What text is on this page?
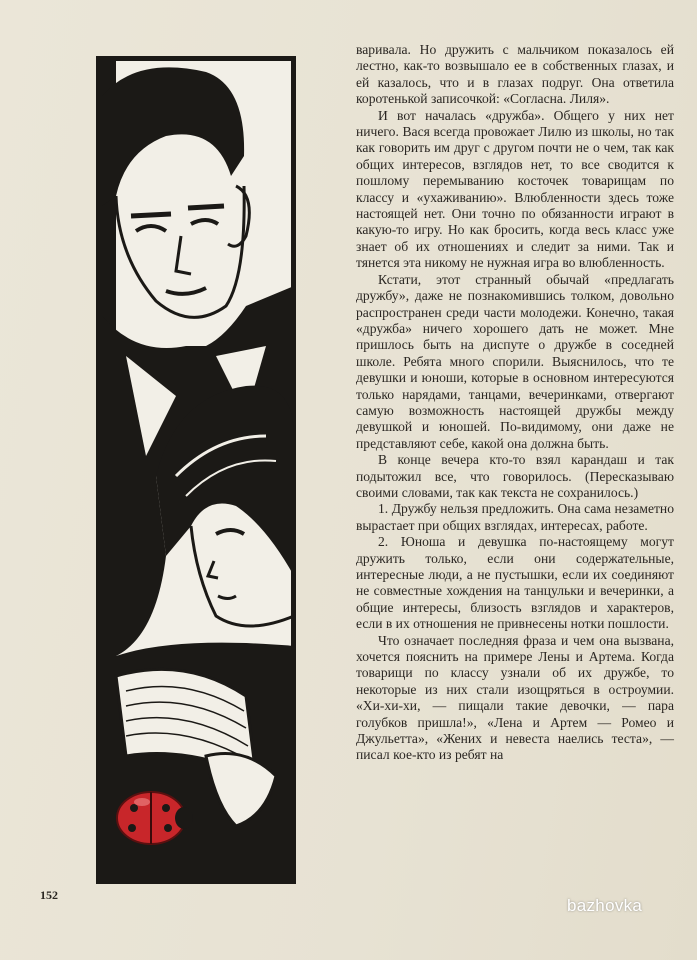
варивала. Но дружить с мальчиком показалось ей лестно, как-то возвышало ее в собственных глазах, и ей казалось, что и в глазах подруг. Она ответила коротенькой записочкой: «Согласна. Лиля».

И вот началась «дружба». Общего у них нет ничего. Вася всегда провожает Лилю из школы, но так как говорить им друг с другом почти не о чем, так как общих интересов, взглядов нет, то все сводится к пошлому перемыванию косточек товарищам по классу и «ухаживанию». Влюбленности здесь тоже настоящей нет. Они точно по обязанности играют в какую-то игру. Но как бросить, когда весь класс уже знает об их отношениях и следит за ними. Так и тянется эта никому не нужная игра во влюбленность.

Кстати, этот странный обычай «предлагать дружбу», даже не познакомившись толком, довольно распространен среди части молодежи. Конечно, такая «дружба» ничего хорошего дать не может. Мне пришлось быть на диспуте о дружбе в соседней школе. Ребята много спорили. Выяснилось, что те девушки и юноши, которые в основном интересуются только нарядами, танцами, вечеринками, отвергают самую возможность настоящей дружбы между девушкой и юношей. По-видимому, они даже не представляют себе, какой она должна быть.

В конце вечера кто-то взял карандаш и так подытожил все, что говорилось. (Пересказываю своими словами, так как текста не сохранилось.)

1. Дружбу нельзя предложить. Она сама незаметно вырастает при общих взглядах, интересах, работе.

2. Юноша и девушка по-настоящему могут дружить только, если они содержательные, интересные люди, а не пустышки, если их соединяют не совместные хождения на танцульки и вечеринки, а общие интересы, близость взглядов и характеров, если в их отношения не привнесены нотки пошлости.

Что означает последняя фраза и чем она вызвана, хочется пояснить на примере Лены и Артема. Когда товарищи по классу узнали об их дружбе, то некоторые из них стали изощряться в остроумии. «Хи-хи-хи, — пищали такие девочки, — пара голубков пришла!», «Лена и Артем — Ромео и Джульетта», «Жених и невеста наелись теста», — писал кое-кто из ребят на

152
bazhovka
